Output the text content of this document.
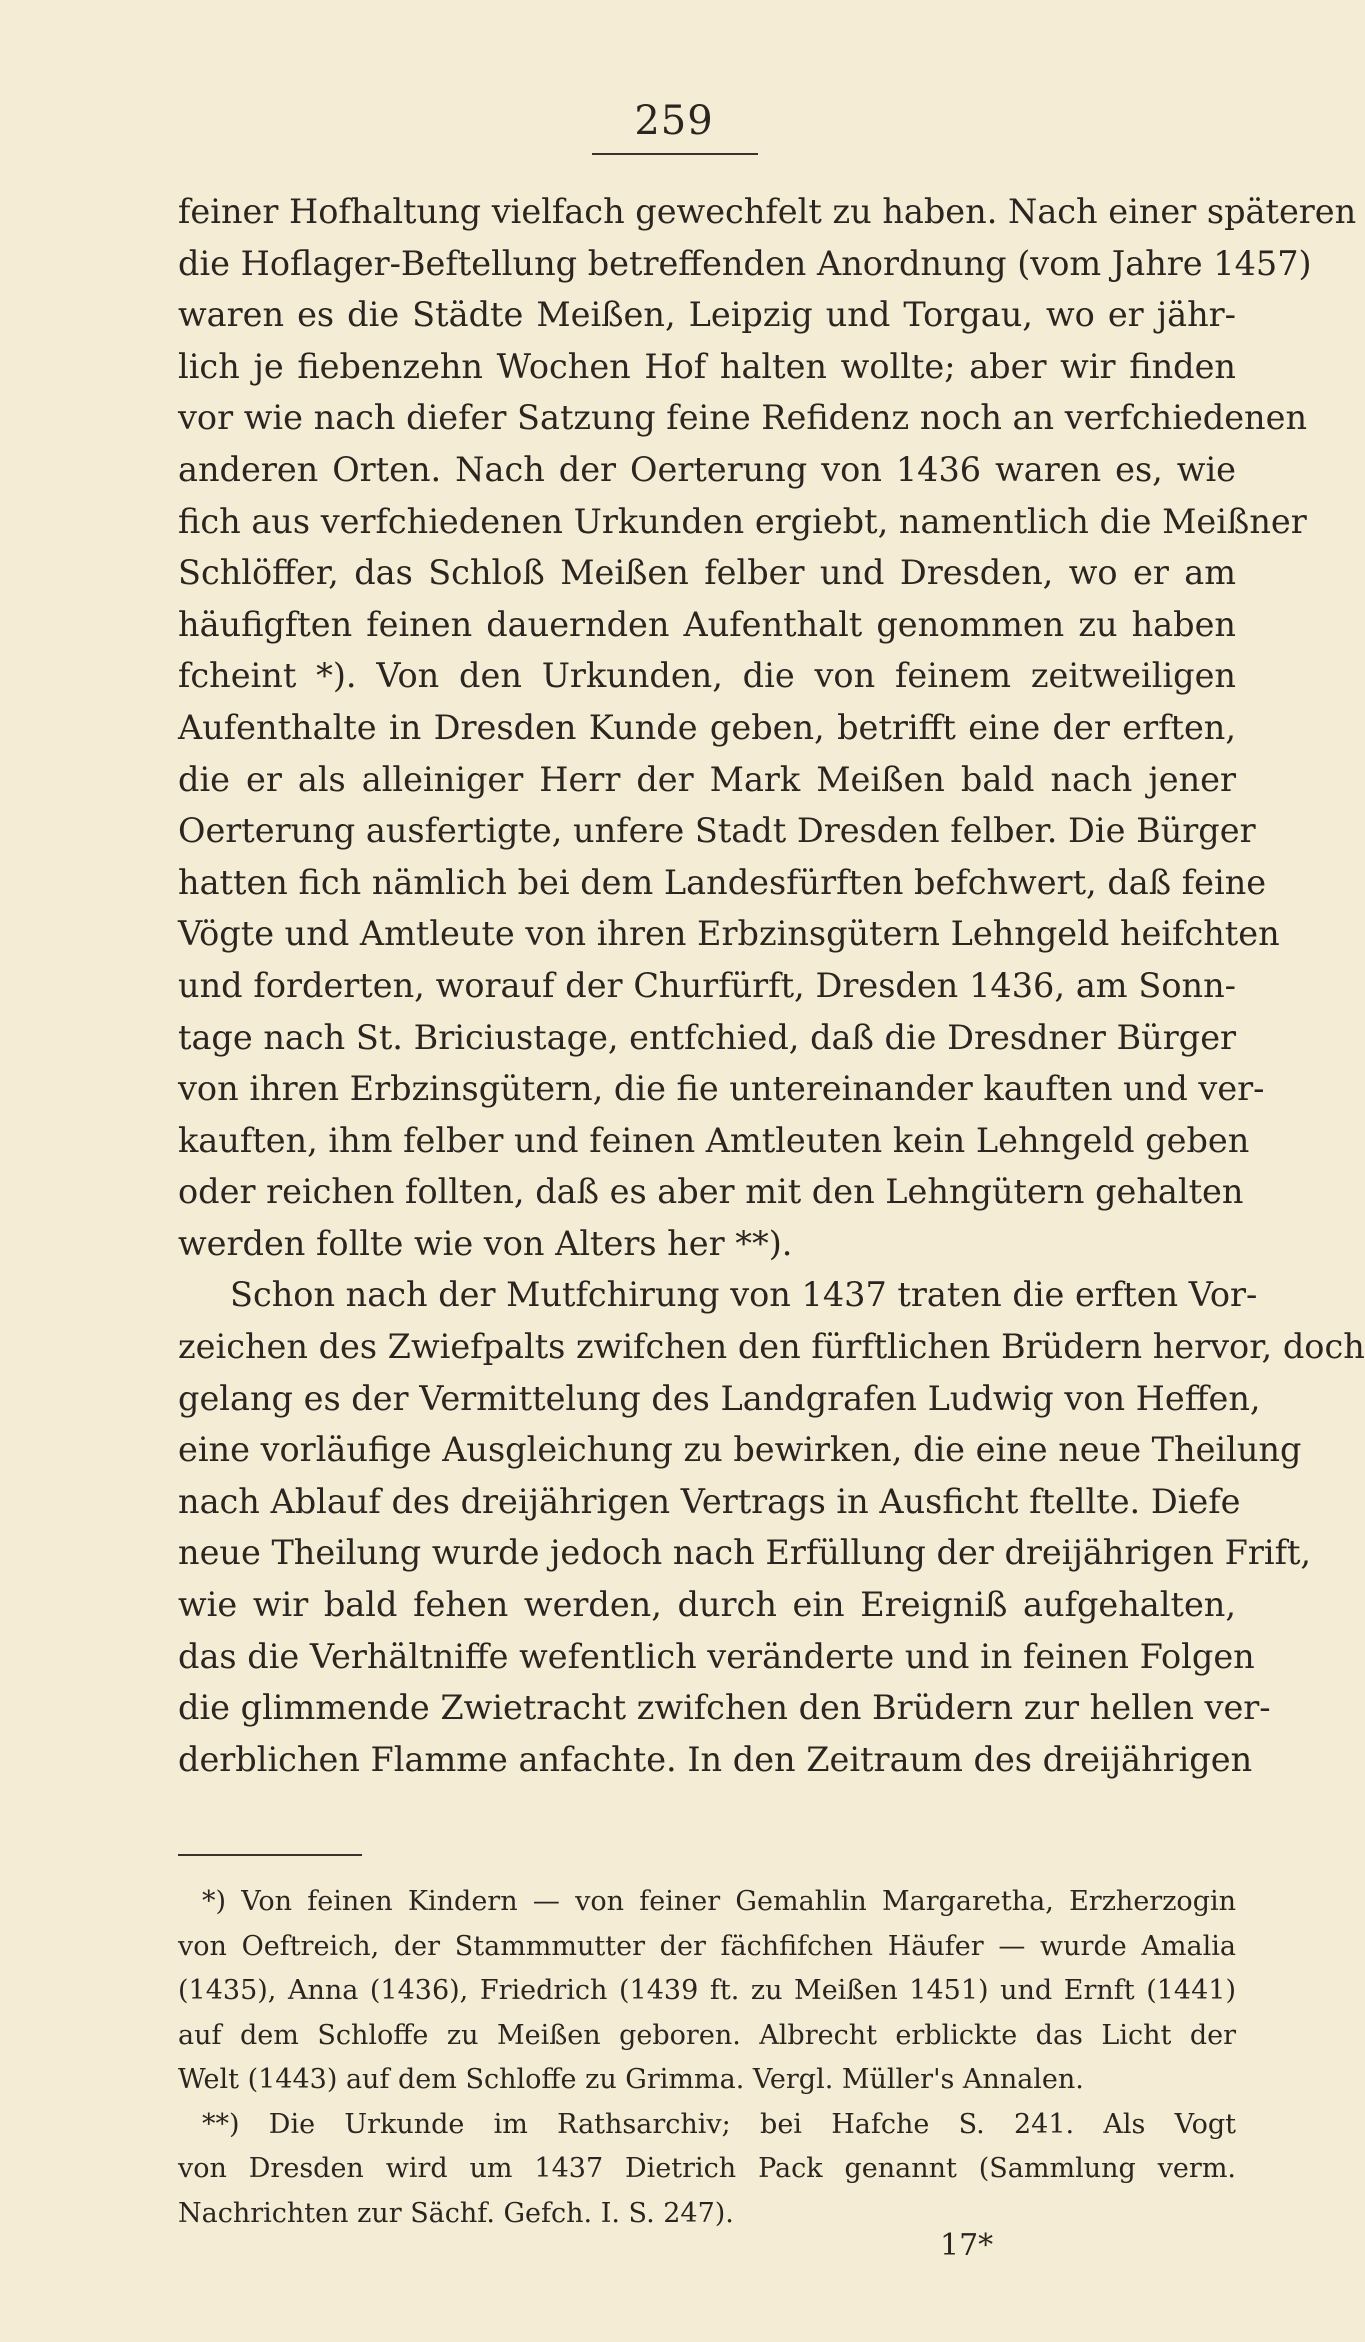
259
feiner Hofhaltung vielfach gewechfelt zu haben. Nach einer späteren
die Hoflager-Beftellung betreffenden Anordnung (vom Jahre 1457)
waren es die Städte Meißen, Leipzig und Torgau, wo er jähr-
lich je fiebenzehn Wochen Hof halten wollte; aber wir finden
vor wie nach diefer Satzung feine Refidenz noch an verfchiedenen
anderen Orten. Nach der Oerterung von 1436 waren es, wie
fich aus verfchiedenen Urkunden ergiebt, namentlich die Meißner
Schlöffer, das Schloß Meißen felber und Dresden, wo er am
häufigften feinen dauernden Aufenthalt genommen zu haben
fcheint *). Von den Urkunden, die von feinem zeitweiligen
Aufenthalte in Dresden Kunde geben, betrifft eine der erften,
die er als alleiniger Herr der Mark Meißen bald nach jener
Oerterung ausfertigte, unfere Stadt Dresden felber. Die Bürger
hatten fich nämlich bei dem Landesfürften befchwert, daß feine
Vögte und Amtleute von ihren Erbzinsgütern Lehngeld heifchten
und forderten, worauf der Churfürft, Dresden 1436, am Sonn-
tage nach St. Briciustage, entfchied, daß die Dresdner Bürger
von ihren Erbzinsgütern, die fie untereinander kauften und ver-
kauften, ihm felber und feinen Amtleuten kein Lehngeld geben
oder reichen follten, daß es aber mit den Lehngütern gehalten
werden follte wie von Alters her **).
Schon nach der Mutfchirung von 1437 traten die erften Vor-
zeichen des Zwiefpalts zwifchen den fürftlichen Brüdern hervor, doch
gelang es der Vermittelung des Landgrafen Ludwig von Heffen,
eine vorläufige Ausgleichung zu bewirken, die eine neue Theilung
nach Ablauf des dreijährigen Vertrags in Ausficht ftellte. Diefe
neue Theilung wurde jedoch nach Erfüllung der dreijährigen Frift,
wie wir bald fehen werden, durch ein Ereigniß aufgehalten,
das die Verhältniffe wefentlich veränderte und in feinen Folgen
die glimmende Zwietracht zwifchen den Brüdern zur hellen ver-
derblichen Flamme anfachte. In den Zeitraum des dreijährigen
*) Von feinen Kindern — von feiner Gemahlin Margaretha, Erzherzogin
von Oeftreich, der Stammmutter der fächfifchen Häufer — wurde Amalia
(1435), Anna (1436), Friedrich (1439 ft. zu Meißen 1451) und Ernft (1441)
auf dem Schloffe zu Meißen geboren. Albrecht erblickte das Licht der
Welt (1443) auf dem Schloffe zu Grimma. Vergl. Müller's Annalen.
**) Die Urkunde im Rathsarchiv; bei Hafche S. 241. Als Vogt
von Dresden wird um 1437 Dietrich Pack genannt (Sammlung verm.
Nachrichten zur Sächf. Gefch. I. S. 247).
17*
